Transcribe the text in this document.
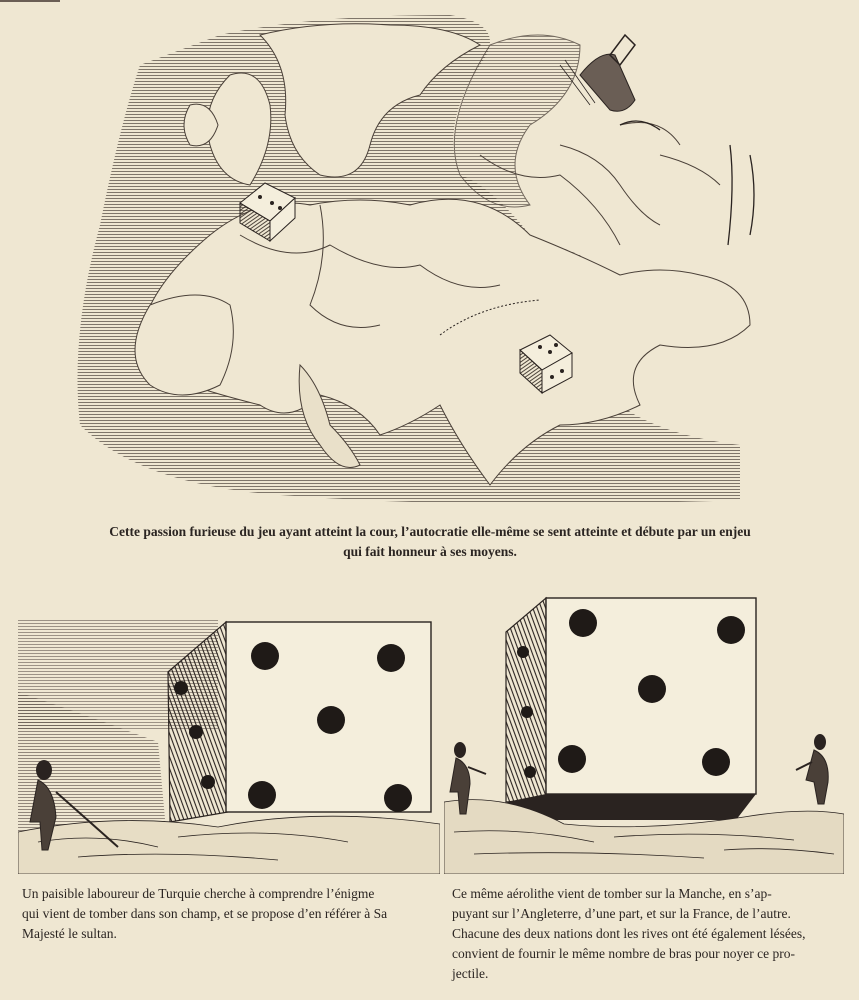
Cette passion furieuse du jeu ayant atteint la cour, l’autocratie elle-même se sent atteinte et débute par un enjeu
qui fait honneur à ses moyens.
Un paisible laboureur de Turquie cherche à comprendre l’énigme
qui vient de tomber dans son champ, et se propose d’en référer à Sa
Majesté le sultan.
Ce même aérolithe vient de tomber sur la Manche, en s’ap-
puyant sur l’Angleterre, d’une part, et sur la France, de l’autre.
Chacune des deux nations dont les rives ont été également lésées,
convient de fournir le même nombre de bras pour noyer ce pro-
jectile.
